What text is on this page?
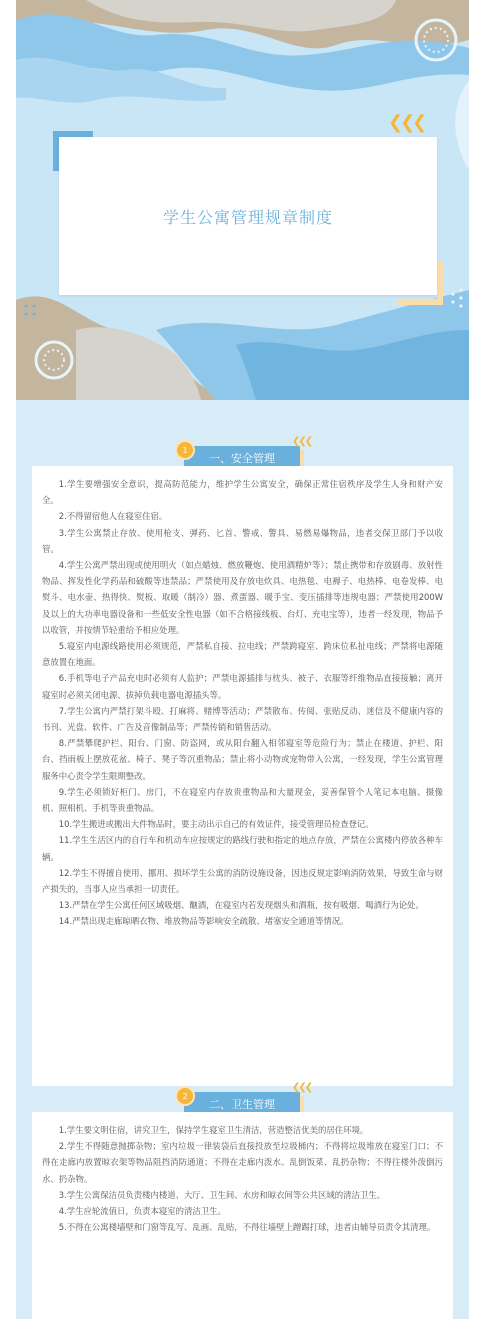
❮❮❮
学生公寓管理规章制度
一、安全管理
1
❮❮❮

1.学生要增强安全意识，提高防范能力，维护学生公寓安全，确保正常住宿秩序及学生人身和财产安全。

2.不得留宿他人在寝室住宿。

3.学生公寓禁止存放、使用枪支、弹药、匕首、警戒、警具、易燃易爆物品，违者交保卫部门予以收管。

4.学生公寓严禁出现或使用明火（如点蜡烛、燃放鞭炮、使用酒精炉等）；禁止携带和存放剧毒、放射性物品、挥发性化学药品和硫酸等违禁品；严禁使用及存放电炊具、电热毯、电褥子、电热棒、电卷发棒、电熨斗、电水壶、热得快、熨板、取暖（制冷）器、煮蛋器、暖手宝、变压插排等违规电器；严禁使用200W及以上的大功率电器设备和一些低安全性电器（如不合格接线板、台灯、充电宝等），违者一经发现，物品予以收管，并按情节轻重给予相应处理。

5.寝室内电源线路使用必须规范，严禁私自接、拉电线；严禁跨寝室、跨床位私扯电线；严禁将电源随意放置在地面。

6.手机等电子产品充电时必须有人监护；严禁电源插排与枕头、被子、衣服等纤维物品直接接触；离开寝室时必须关闭电源、拔掉负载电器电源插头等。

7.学生公寓内严禁打架斗殴、打麻将、赌博等活动；严禁散布、传阅、张贴反动、迷信及不健康内容的书刊、光盘、软件、广告及音像制品等；严禁传销和销售活动。

8.严禁攀爬护栏、阳台、门窗、防盗网，或从阳台翻入相邻寝室等危险行为；禁止在楼道、护栏、阳台、挡雨板上摆放花盆、椅子、凳子等沉重物品；禁止将小动物或宠物带入公寓，一经发现，学生公寓管理服务中心责令学生限期整改。

9.学生必须锁好柜门、房门，不在寝室内存放贵重物品和大量现金，妥善保管个人笔记本电脑、摄像机、照相机、手机等贵重物品。

10.学生搬进或搬出大件物品时，要主动出示自己的有效证件，接受管理员检查登记。

11.学生生活区内的自行车和机动车应按规定的路线行驶和指定的地点存放，严禁在公寓楼内停放各种车辆。

12.学生不得擅自使用、挪用、损坏学生公寓的消防设施设备，因违反规定影响消防效果，导致生命与财产损失的，当事人应当承担一切责任。

13.严禁在学生公寓任何区域吸烟、酗酒，在寝室内若发现烟头和酒瓶，按有吸烟、喝酒行为论处。

14.严禁出现走廊晾晒衣物、堆放物品等影响安全疏散、堵塞安全通道等情况。

二、卫生管理
2
❮❮❮

1.学生要文明住宿，讲究卫生，保持学生寝室卫生清洁，营造整洁优美的居住环境。

2.学生不得随意抛掷杂物；室内垃圾一律装袋后直接投放至垃圾桶内；不得将垃圾堆放在寝室门口；不得在走廊内放置晾衣架等物品阻挡消防通道；不得在走廊内泼水、乱倒饭菜、乱扔杂物；不得往楼外泼倒污水、扔杂物。

3.学生公寓保洁员负责楼内楼道、大厅、卫生间、水房和晾衣间等公共区域的清洁卫生。

4.学生应轮流值日，负责本寝室的清洁卫生。

5.不得在公寓楼墙壁和门窗等乱写、乱画、乱贴，不得往墙壁上蹭踢打球，违者由辅导员责令其清理。
